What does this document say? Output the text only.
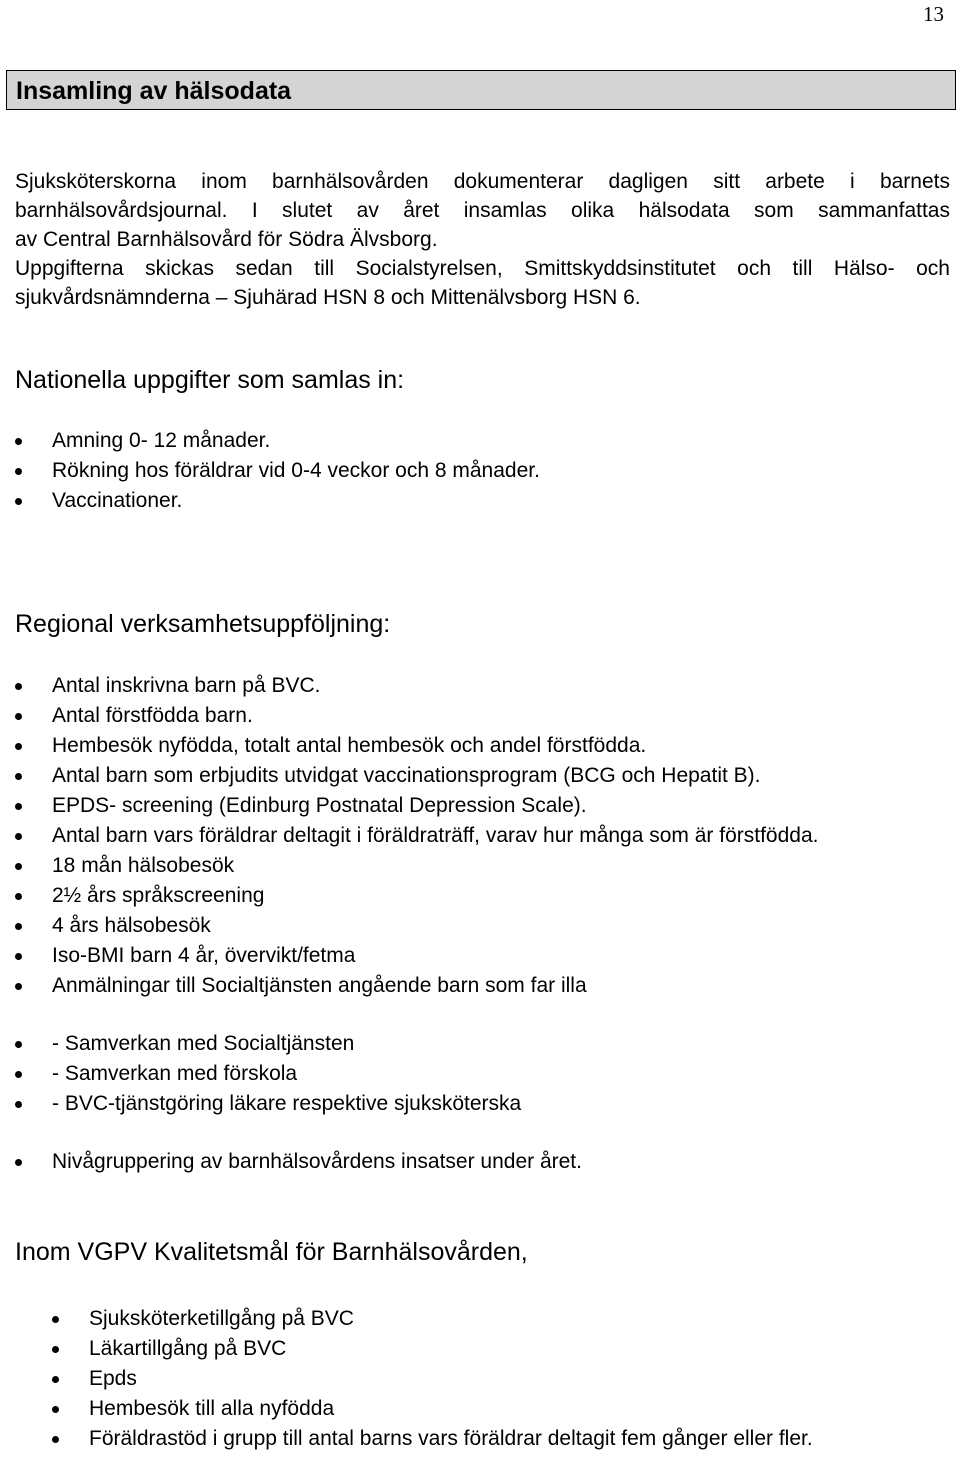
13
Insamling av hälsodata

Sjuksköterskorna inom barnhälsovården dokumenterar dagligen sitt arbete i barnets

barnhälsovårdsjournal. I slutet av året insamlas olika hälsodata som sammanfattas

av Central Barnhälsovård för Södra Älvsborg.

Uppgifterna skickas sedan till Socialstyrelsen, Smittskyddsinstitutet och till Hälso- och

sjukvårdsnämnderna – Sjuhärad HSN 8 och Mittenälvsborg HSN 6.

Nationella uppgifter som samlas in:
Amning 0- 12 månader.
Rökning hos föräldrar vid 0-4 veckor och 8 månader.
Vaccinationer.
Regional verksamhetsuppföljning:
Antal inskrivna barn på BVC.
Antal förstfödda barn.
Hembesök nyfödda, totalt antal hembesök och andel förstfödda.
Antal barn som erbjudits utvidgat vaccinationsprogram (BCG och Hepatit B).
EPDS- screening (Edinburg Postnatal Depression Scale).
Antal barn vars föräldrar deltagit i föräldraträff, varav hur många som är förstfödda.
18 mån hälsobesök
2½ års språkscreening
4 års hälsobesök
Iso-BMI barn 4 år, övervikt/fetma
Anmälningar till Socialtjänsten angående barn som far illa
- Samverkan med Socialtjänsten
- Samverkan med förskola
- BVC-tjänstgöring läkare respektive sjuksköterska
Nivågruppering av barnhälsovårdens insatser under året.
Inom VGPV Kvalitetsmål för Barnhälsovården,
Sjuksköterketillgång på BVC
Läkartillgång på BVC
Epds
Hembesök till alla nyfödda
Föräldrastöd i grupp till antal barns vars föräldrar deltagit fem gånger eller fler.
